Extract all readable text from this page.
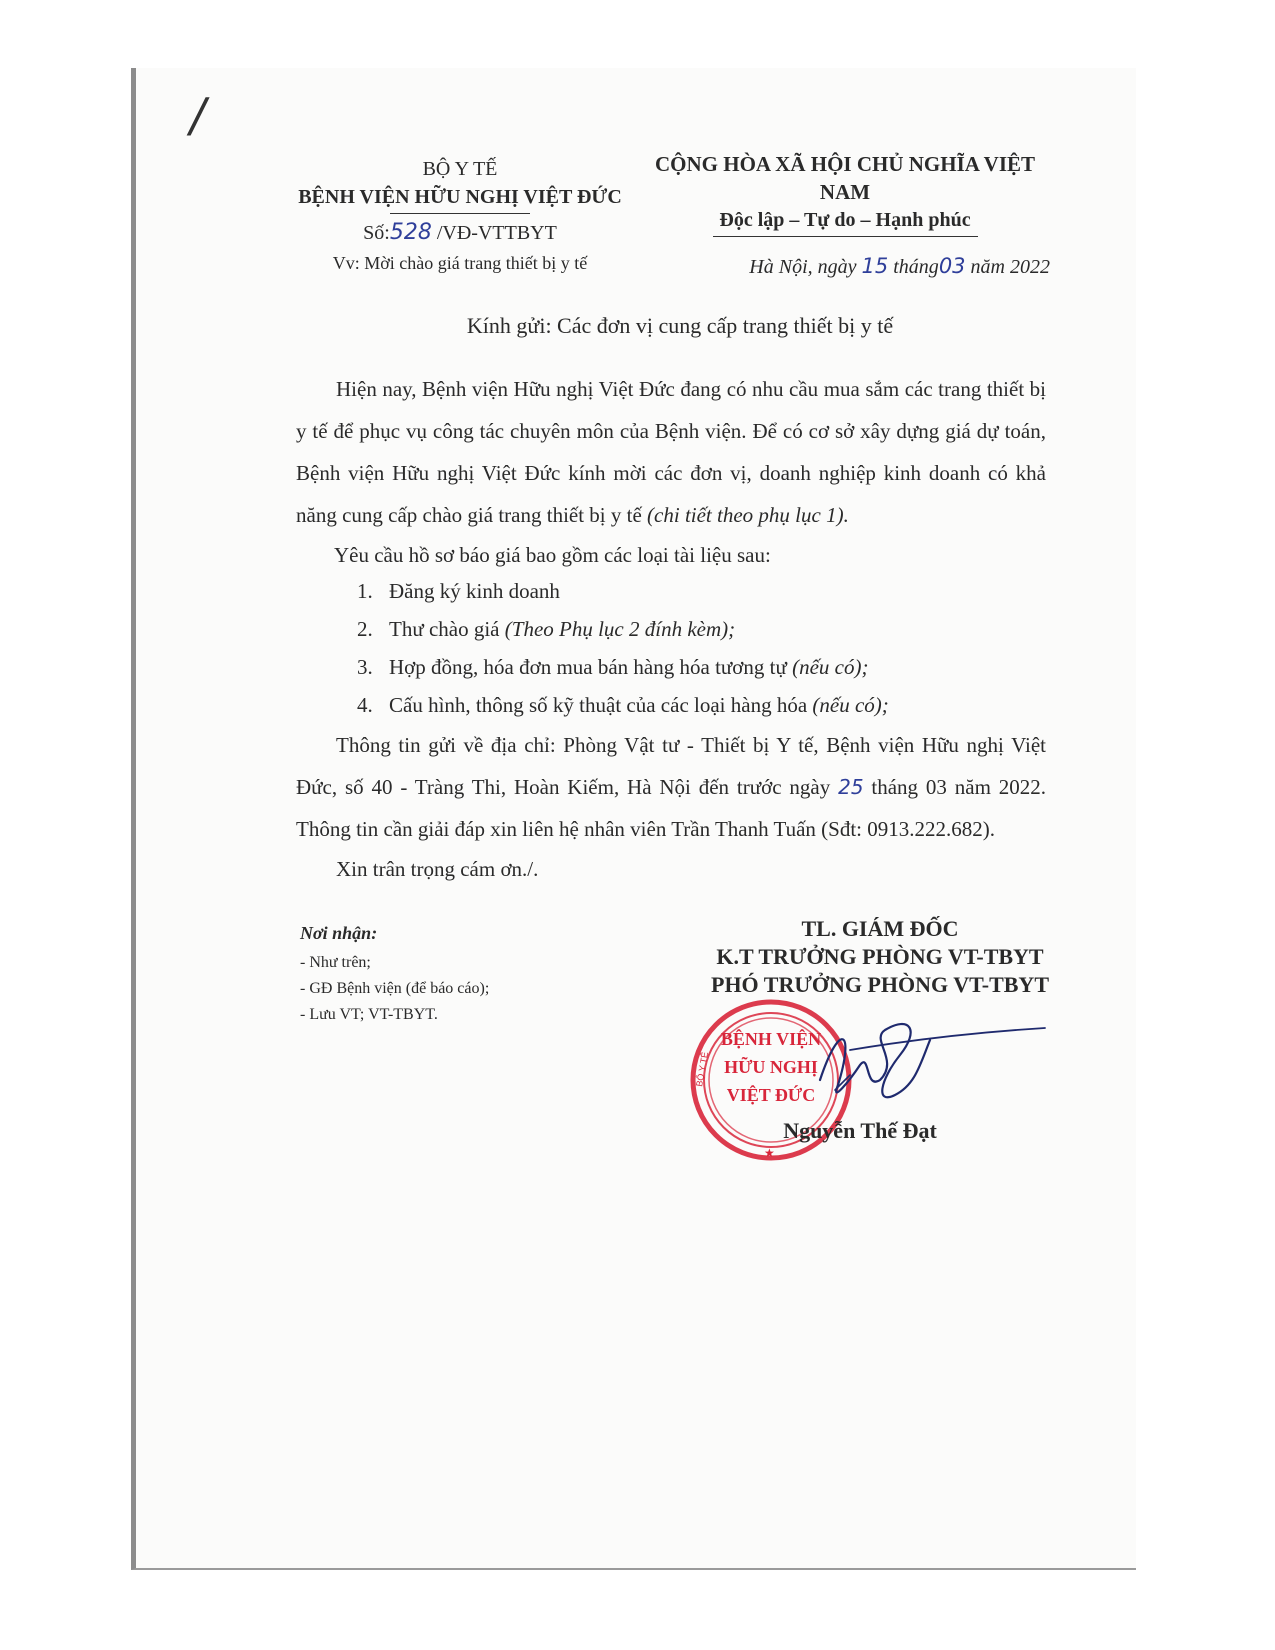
/
BỘ Y TẾ
BỆNH VIỆN HỮU NGHỊ VIỆT ĐỨC
Số:528 /VĐ-VTTBYT
Vv: Mời chào giá trang thiết bị y tế
CỘNG HÒA XÃ HỘI CHỦ NGHĨA VIỆT NAM
Độc lập – Tự do – Hạnh phúc
Hà Nội, ngày 15 tháng03 năm 2022
Kính gửi: Các đơn vị cung cấp trang thiết bị y tế
Hiện nay, Bệnh viện Hữu nghị Việt Đức đang có nhu cầu mua sắm các trang thiết bị y tế để phục vụ công tác chuyên môn của Bệnh viện. Để có cơ sở xây dựng giá dự toán, Bệnh viện Hữu nghị Việt Đức kính mời các đơn vị, doanh nghiệp kinh doanh có khả năng cung cấp chào giá trang thiết bị y tế (chi tiết theo phụ lục 1).
Yêu cầu hồ sơ báo giá bao gồm các loại tài liệu sau:
1. Đăng ký kinh doanh
2. Thư chào giá (Theo Phụ lục 2 đính kèm);
3. Hợp đồng, hóa đơn mua bán hàng hóa tương tự (nếu có);
4. Cấu hình, thông số kỹ thuật của các loại hàng hóa (nếu có);
Thông tin gửi về địa chỉ: Phòng Vật tư - Thiết bị Y tế, Bệnh viện Hữu nghị Việt Đức, số 40 - Tràng Thi, Hoàn Kiếm, Hà Nội đến trước ngày 25 tháng 03 năm 2022. Thông tin cần giải đáp xin liên hệ nhân viên Trần Thanh Tuấn (Sđt: 0913.222.682).
Xin trân trọng cám ơn./.
Nơi nhận:
- Như trên;
- GĐ Bệnh viện (để báo cáo);
- Lưu VT; VT-TBYT.
TL. GIÁM ĐỐC
K.T TRƯỞNG PHÒNG VT-TBYT
PHÓ TRƯỞNG PHÒNG VT-TBYT
BỆNH VIỆN
HỮU NGHỊ
VIỆT ĐỨC
BỘ Y TẾ
★
Nguyễn Thế Đạt
